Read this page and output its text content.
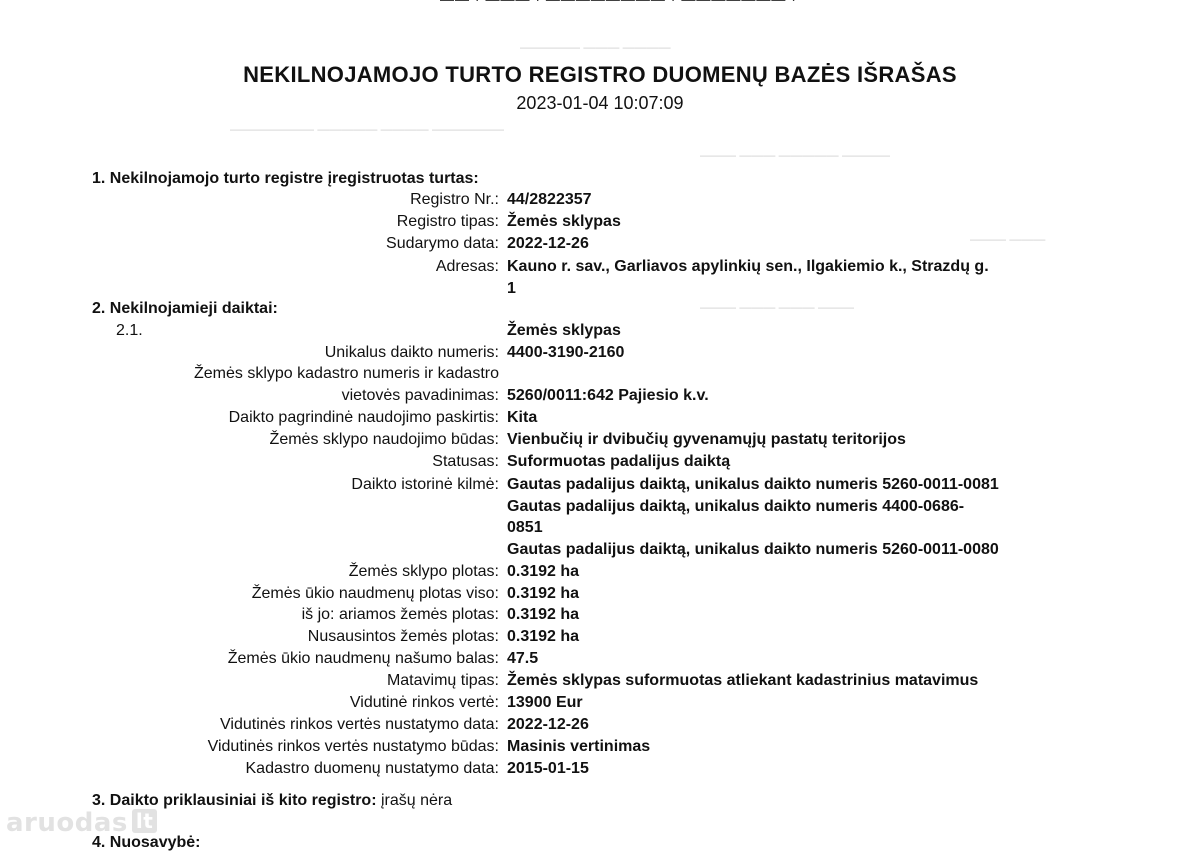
————— ——— ————
——————— ————— ———— ——————
——— ——— ————— ————
——— ———
——— ——— ——— ———
NEKILNOJAMOJO TURTO REGISTRO DUOMENŲ BAZĖS IŠRAŠAS
2023-01-04 10:07:09
1. Nekilnojamojo turto registre įregistruotas turtas:
Registro Nr.: 44/2822357
Registro tipas: Žemės sklypas
Sudarymo data: 2022-12-26
Adresas: Kauno r. sav., Garliavos apylinkių sen., Ilgakiemio k., Strazdų g.
1
2. Nekilnojamieji daiktai:
2.1.	Žemės sklypas
Unikalus daikto numeris: 4400-3190-2160
Žemės sklypo kadastro numeris ir kadastro
vietovės pavadinimas: 5260/0011:642 Pajiesio k.v.
Daikto pagrindinė naudojimo paskirtis: Kita
Žemės sklypo naudojimo būdas: Vienbučių ir dvibučių gyvenamųjų pastatų teritorijos
Statusas: Suformuotas padalijus daiktą
Daikto istorinė kilmė: Gautas padalijus daiktą, unikalus daikto numeris 5260-0011-0081
Gautas padalijus daiktą, unikalus daikto numeris 4400-0686-
0851
Gautas padalijus daiktą, unikalus daikto numeris 5260-0011-0080
Žemės sklypo plotas: 0.3192 ha
Žemės ūkio naudmenų plotas viso: 0.3192 ha
iš jo: ariamos žemės plotas: 0.3192 ha
Nusausintos žemės plotas: 0.3192 ha
Žemės ūkio naudmenų našumo balas: 47.5
Matavimų tipas: Žemės sklypas suformuotas atliekant kadastrinius matavimus
Vidutinė rinkos vertė: 13900 Eur
Vidutinės rinkos vertės nustatymo data: 2022-12-26
Vidutinės rinkos vertės nustatymo būdas: Masinis vertinimas
Kadastro duomenų nustatymo data: 2015-01-15
3. Daikto priklausiniai iš kito registro: įrašų nėra
4. Nuosavybė:
aruodas lt
